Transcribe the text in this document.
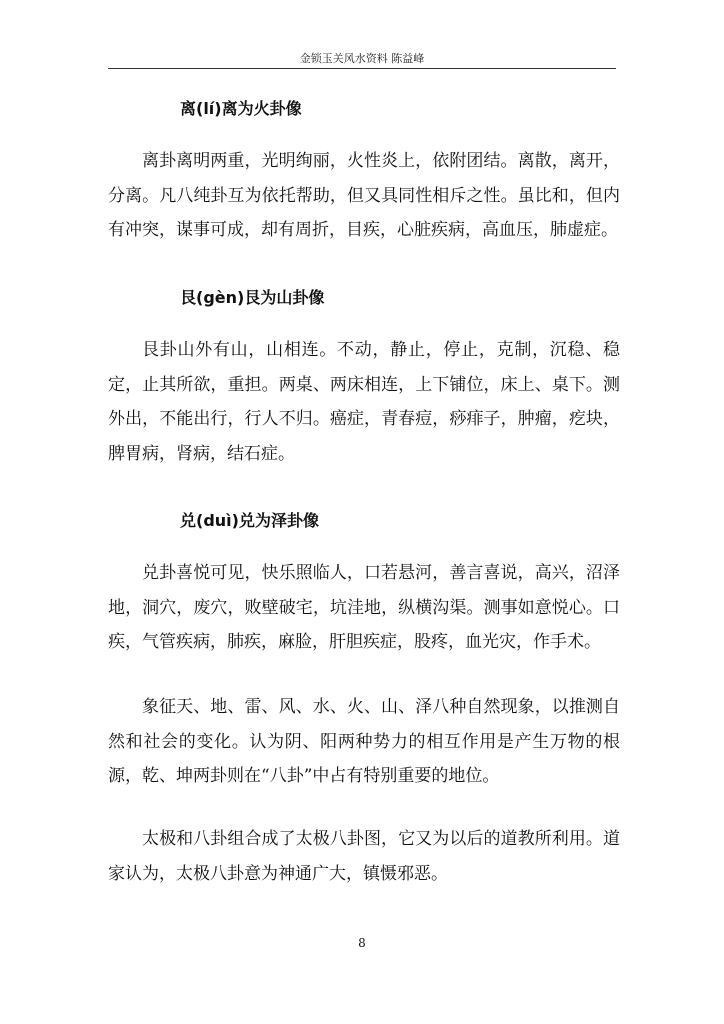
金锁玉关风水资料 陈益峰
离(lí)离为火卦像

离卦离明两重，光明绚丽，火性炎上，依附团结。离散，离开，分离。凡八纯卦互为依托帮助，但又具同性相斥之性。虽比和，但内有冲突，谋事可成，却有周折，目疾，心脏疾病，高血压，肺虚症。

艮(gèn)艮为山卦像

艮卦山外有山，山相连。不动，静止，停止，克制，沉稳、稳定，止其所欲，重担。两桌、两床相连，上下铺位，床上、桌下。测外出，不能出行，行人不归。癌症，青春痘，痧痱子，肿瘤，疙块，脾胃病，肾病，结石症。

兑(duì)兑为泽卦像

兑卦喜悦可见，快乐照临人，口若悬河，善言喜说，高兴，沼泽地，洞穴，废穴，败壁破宅，坑洼地，纵横沟渠。测事如意悦心。口疾，气管疾病，肺疾，麻脸，肝胆疾症，股疼，血光灾，作手术。

象征天、地、雷、风、水、火、山、泽八种自然现象，以推测自然和社会的变化。认为阴、阳两种势力的相互作用是产生万物的根源，乾、坤两卦则在“八卦”中占有特别重要的地位。

太极和八卦组合成了太极八卦图，它又为以后的道教所利用。道家认为，太极八卦意为神通广大，镇慑邪恶。

8
